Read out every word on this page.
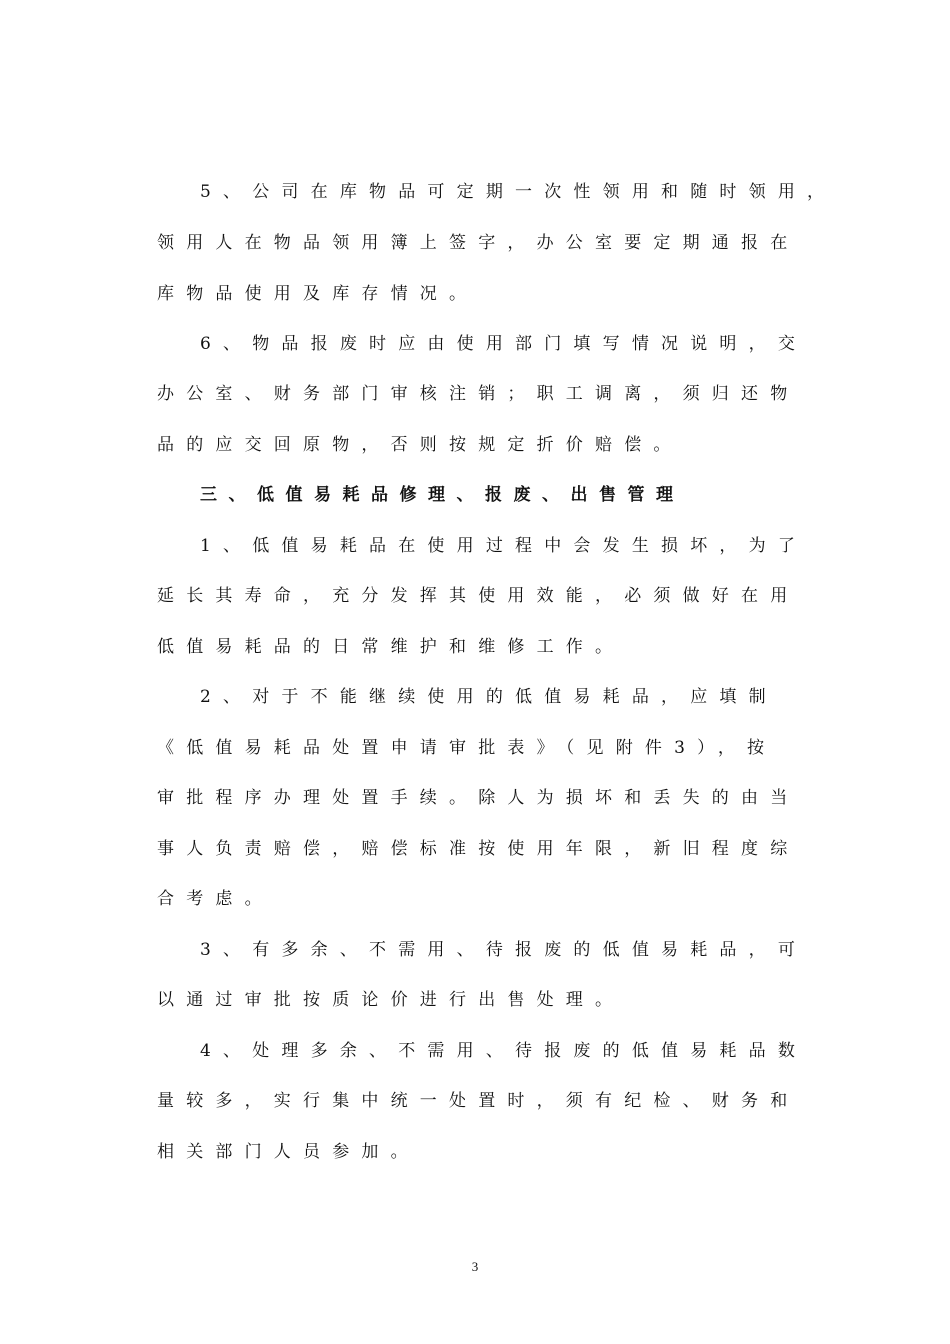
5、公司在库物品可定期一次性领用和随时领用，
领用人在物品领用簿上签字，办公室要定期通报在
库物品使用及库存情况。
6、物品报废时应由使用部门填写情况说明，交
办公室、财务部门审核注销；职工调离，须归还物
品的应交回原物，否则按规定折价赔偿。
三、低值易耗品修理、报废、出售管理
1、低值易耗品在使用过程中会发生损坏，为了
延长其寿命，充分发挥其使用效能，必须做好在用
低值易耗品的日常维护和维修工作。
2、对于不能继续使用的低值易耗品，应填制
《低值易耗品处置申请审批表》（见附件3），按
审批程序办理处置手续。除人为损坏和丢失的由当
事人负责赔偿，赔偿标准按使用年限，新旧程度综
合考虑。
3、有多余、不需用、待报废的低值易耗品，可
以通过审批按质论价进行出售处理。
4、处理多余、不需用、待报废的低值易耗品数
量较多，实行集中统一处置时，须有纪检、财务和
相关部门人员参加。
3
